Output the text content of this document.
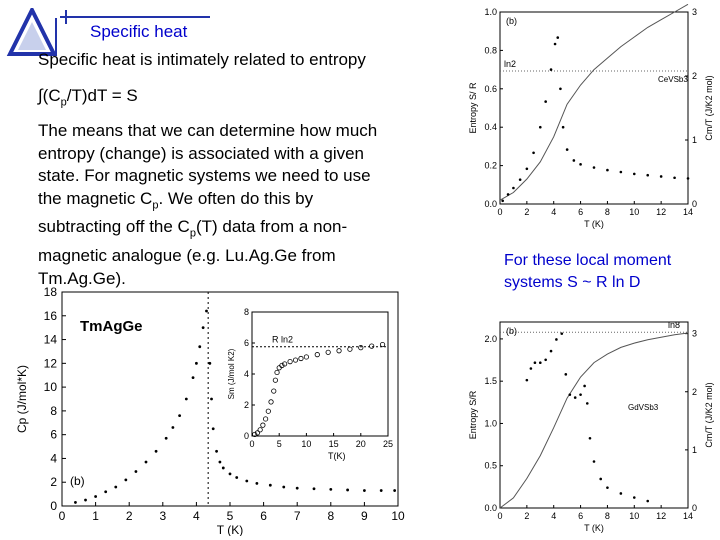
Specific heat
Specific heat is intimately related to entropy
$\int(C_p/T)dT = S$
The means that we can determine how much
entropy (change) is associated with a given
state. For magnetic systems we need to use
the magnetic $C_p$. We often do this by
subtracting off the $C_p(T)$ data from a non-
magnetic analogue (e.g. Lu.Ag.Ge from
Tm.Ag.Ge).
For these local moment
systems S ~ R ln D
0 1 2 3 4 5 6 7 8 9 10
0
2
4
6
8
10
12
14
16
18
T (K)
Cp (J/mol*K)
TmAgGe
(b)
0 5 10 15 20 25
0
2
4
6
8
T(K)
Sm (J/mol K2)
R ln2
0 2 4 6 8 10 12 14
0.0
0.2
0.4
0.6
0.8
1.0
0
1
2
3
T (K)
Entropy S/ R	Cm/T (J/K2 mol)
ln2
(b)
CeVSb3
0 2 4 6 8 10 12 14
0.0
0.5
1.0
1.5
2.0
0
1
2
3
T (K)
Entropy S/R	Cm/T (J/K2 mol)
ln8
(b)
GdVSb3
